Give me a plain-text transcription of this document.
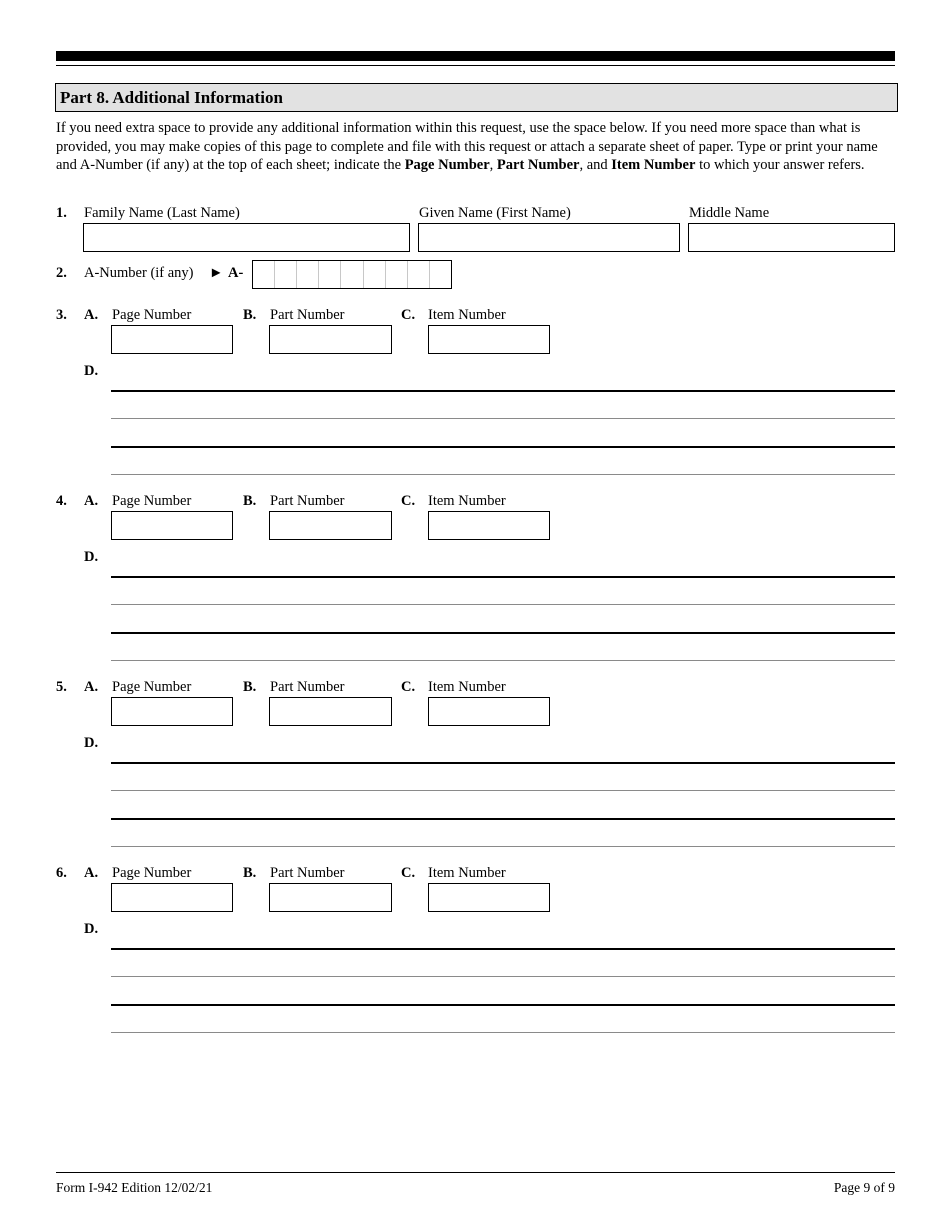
Part 8. Additional Information
If you need extra space to provide any additional information within this request, use the space below. If you need more space than what is provided, you may make copies of this page to complete and file with this request or attach a separate sheet of paper. Type or print your name and A-Number (if any) at the top of each sheet; indicate the Page Number, Part Number, and Item Number to which your answer refers.
1. Family Name (Last Name)	Given Name (First Name)	Middle Name
2. A-Number (if any) ► A-
3. A. Page Number	B. Part Number	C. Item Number
D.
4. A. Page Number	B. Part Number	C. Item Number
D.
5. A. Page Number	B. Part Number	C. Item Number
D.
6. A. Page Number	B. Part Number	C. Item Number
D.
Form I-942 Edition 12/02/21	Page 9 of 9
